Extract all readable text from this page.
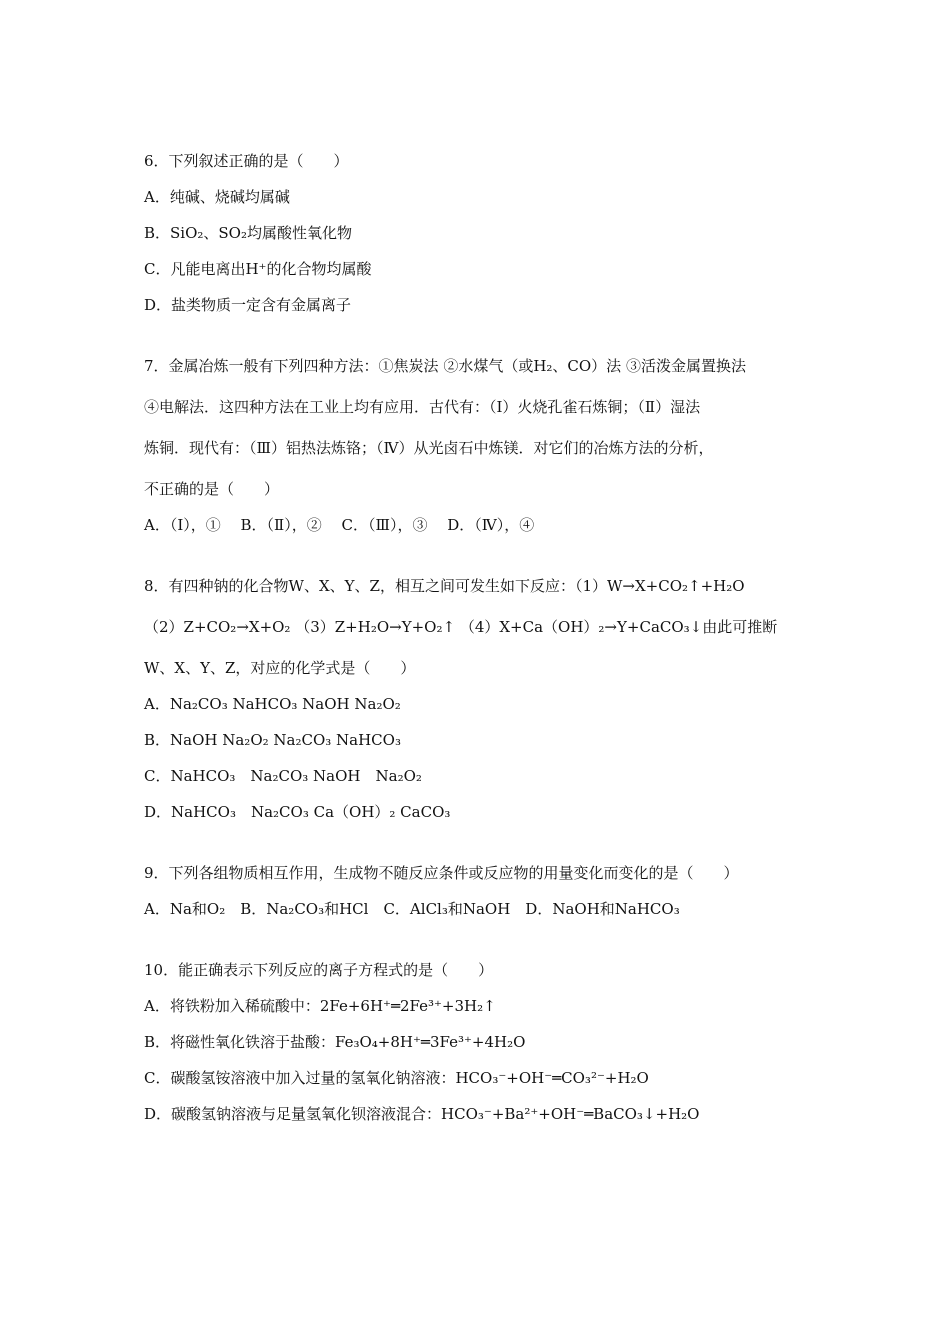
6．下列叙述正确的是（　　）
A．纯碱、烧碱均属碱
B．SiO₂、SO₂均属酸性氧化物
C．凡能电离出H⁺的化合物均属酸
D．盐类物质一定含有金属离子
7．金属冶炼一般有下列四种方法：①焦炭法 ②水煤气（或H₂、CO）法 ③活泼金属置换法
④电解法．这四种方法在工业上均有应用．古代有：（Ⅰ）火烧孔雀石炼铜；（Ⅱ）湿法
炼铜．现代有：（Ⅲ）铝热法炼铬；（Ⅳ）从光卤石中炼镁．对它们的冶炼方法的分析，
不正确的是（　　）
A．（Ⅰ），①　 B．（Ⅱ），②　 C．（Ⅲ），③　 D．（Ⅳ），④
8．有四种钠的化合物W、X、Y、Z，相互之间可发生如下反应：（1）W→X+CO₂↑+H₂O
（2）Z+CO₂→X+O₂ （3）Z+H₂O→Y+O₂↑ （4）X+Ca（OH）₂→Y+CaCO₃↓由此可推断
W、X、Y、Z，对应的化学式是（　　）
A．Na₂CO₃ NaHCO₃ NaOH Na₂O₂
B．NaOH Na₂O₂ Na₂CO₃ NaHCO₃
C．NaHCO₃　Na₂CO₃ NaOH　Na₂O₂
D．NaHCO₃　Na₂CO₃ Ca（OH）₂ CaCO₃
9．下列各组物质相互作用，生成物不随反应条件或反应物的用量变化而变化的是（　　）
A．Na和O₂　B．Na₂CO₃和HCl　C．AlCl₃和NaOH　D．NaOH和NaHCO₃
10．能正确表示下列反应的离子方程式的是（　　）
A．将铁粉加入稀硫酸中：2Fe+6H⁺═2Fe³⁺+3H₂↑
B．将磁性氧化铁溶于盐酸：Fe₃O₄+8H⁺═3Fe³⁺+4H₂O
C．碳酸氢铵溶液中加入过量的氢氧化钠溶液：HCO₃⁻+OH⁻═CO₃²⁻+H₂O
D．碳酸氢钠溶液与足量氢氧化钡溶液混合：HCO₃⁻+Ba²⁺+OH⁻═BaCO₃↓+H₂O
